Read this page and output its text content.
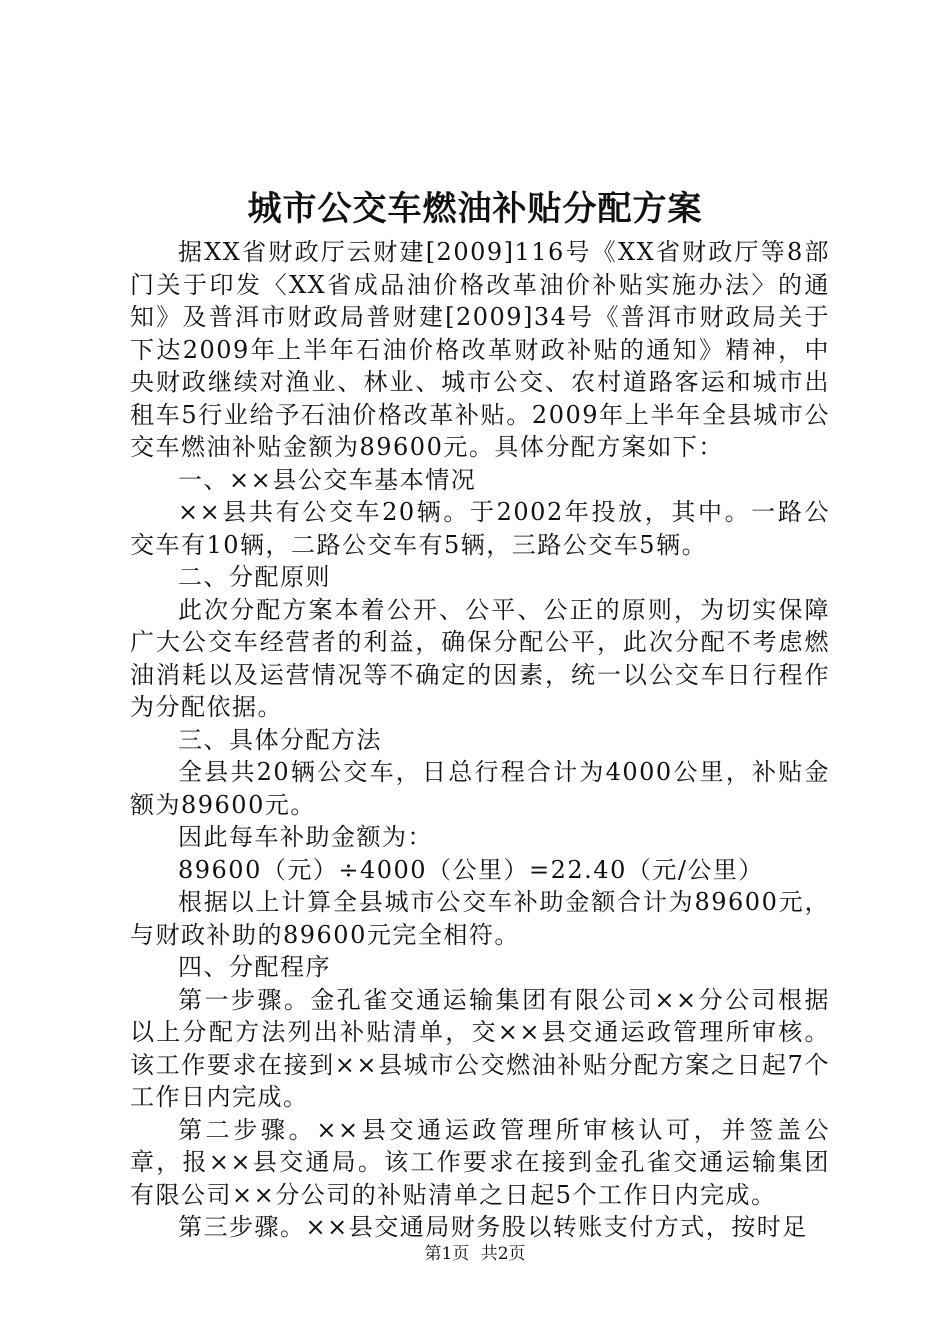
城市公交车燃油补贴分配方案

据XX省财政厅云财建[2009]116号《XX省财政厅等8部门关于印发〈XX省成品油价格改革油价补贴实施办法〉的通知》及普洱市财政局普财建[2009]34号《普洱市财政局关于下达2009年上半年石油价格改革财政补贴的通知》精神，中央财政继续对渔业、林业、城市公交、农村道路客运和城市出租车5行业给予石油价格改革补贴。2009年上半年全县城市公交车燃油补贴金额为89600元。具体分配方案如下：

一、××县公交车基本情况

××县共有公交车20辆。于2002年投放，其中。一路公交车有10辆，二路公交车有5辆，三路公交车5辆。

二、分配原则

此次分配方案本着公开、公平、公正的原则，为切实保障广大公交车经营者的利益，确保分配公平，此次分配不考虑燃油消耗以及运营情况等不确定的因素，统一以公交车日行程作为分配依据。

三、具体分配方法

全县共20辆公交车，日总行程合计为4000公里，补贴金额为89600元。

因此每车补助金额为：

89600（元）÷4000（公里）=22.40（元/公里）

根据以上计算全县城市公交车补助金额合计为89600元，与财政补助的89600元完全相符。

四、分配程序

第一步骤。金孔雀交通运输集团有限公司××分公司根据以上分配方法列出补贴清单，交××县交通运政管理所审核。该工作要求在接到××县城市公交燃油补贴分配方案之日起7个工作日内完成。

第二步骤。××县交通运政管理所审核认可，并签盖公章，报××县交通局。该工作要求在接到金孔雀交通运输集团有限公司××分公司的补贴清单之日起5个工作日内完成。

第三步骤。××县交通局财务股以转账支付方式，按时足

第1页 共2页
